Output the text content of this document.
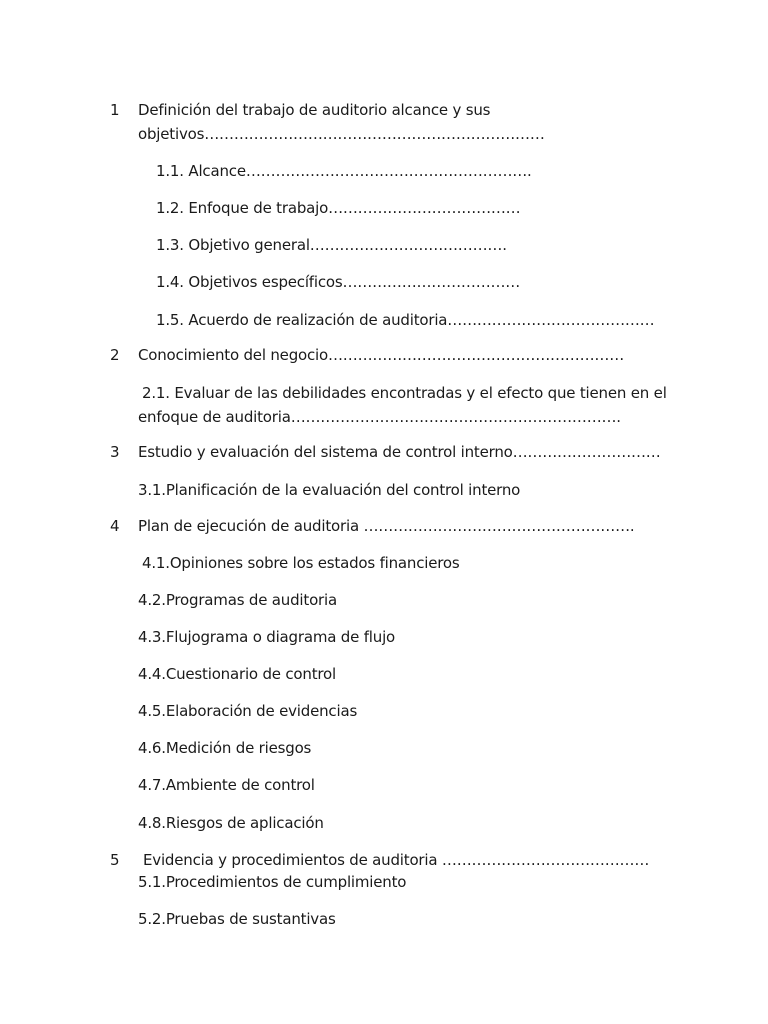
1 Definición del trabajo de auditorio alcance y sus
objetivos……………………………………………………………
1.1. Alcance………………………………………………….
1.2. Enfoque de trabajo…………………………………
1.3. Objetivo general………………………………….
1.4. Objetivos específicos………………………………
1.5. Acuerdo de realización de auditoria……………………………………
2 Conocimiento del negocio……………………………………………………
2.1. Evaluar de las debilidades encontradas y el efecto que tienen en el
enfoque de auditoria………………………………………………………….
3 Estudio y evaluación del sistema de control interno…………………………
3.1.Planificación de la evaluación del control interno
4 Plan de ejecución de auditoria ……………………………………………….
4.1.Opiniones sobre los estados financieros
4.2.Programas de auditoria
4.3.Flujograma o diagrama de flujo
4.4.Cuestionario de control
4.5.Elaboración de evidencias
4.6.Medición de riesgos
4.7.Ambiente de control
4.8.Riesgos de aplicación
5 Evidencia y procedimientos de auditoria ……………………………………
5.1.Procedimientos de cumplimiento
5.2.Pruebas de sustantivas
